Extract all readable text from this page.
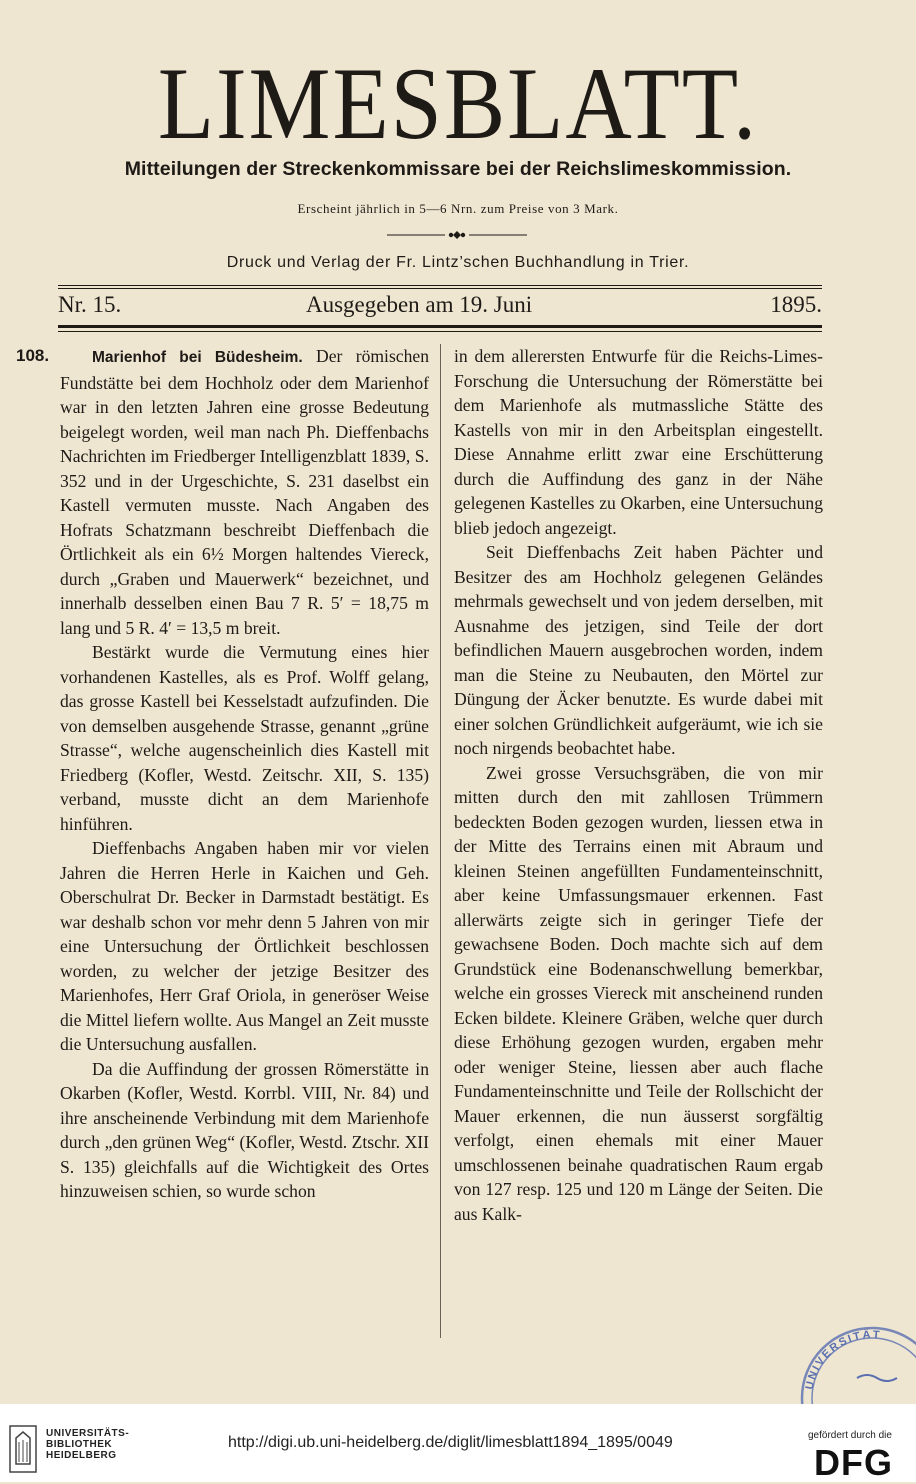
LIMESBLATT.
Mitteilungen der Streckenkommissare bei der Reichslimeskommission.
Erscheint jährlich in 5—6 Nrn. zum Preise von 3 Mark.
Druck und Verlag der Fr. Lintz’schen Buchhandlung in Trier.
Nr. 15.	Ausgegeben am 19. Juni	1895.
108.	Marienhof bei Büdesheim. Der römischen Fundstätte bei dem Hochholz oder dem Marienhof war in den letzten Jahren eine grosse Bedeutung beigelegt worden, weil man nach Ph. Dieffenbachs Nachrichten im Friedberger Intelligenzblatt 1839, S. 352 und in der Urgeschichte, S. 231 daselbst ein Kastell vermuten musste. Nach Angaben des Hofrats Schatzmann beschreibt Dieffenbach die Örtlichkeit als ein 6½ Morgen haltendes Viereck, durch „Graben und Mauerwerk“ bezeichnet, und innerhalb desselben einen Bau 7 R. 5′ = 18,75 m lang und 5 R. 4′ = 13,5 m breit.

Bestärkt wurde die Vermutung eines hier vorhandenen Kastelles, als es Prof. Wolff gelang, das grosse Kastell bei Kesselstadt aufzufinden. Die von demselben ausgehende Strasse, genannt „grüne Strasse“, welche augenscheinlich dies Kastell mit Friedberg (Kofler, Westd. Zeitschr. XII, S. 135) verband, musste dicht an dem Marienhofe hinführen.

Dieffenbachs Angaben haben mir vor vielen Jahren die Herren Herle in Kaichen und Geh. Oberschulrat Dr. Becker in Darmstadt bestätigt. Es war deshalb schon vor mehr denn 5 Jahren von mir eine Untersuchung der Örtlichkeit beschlossen worden, zu welcher der jetzige Besitzer des Marienhofes, Herr Graf Oriola, in generöser Weise die Mittel liefern wollte. Aus Mangel an Zeit musste die Untersuchung ausfallen.

Da die Auffindung der grossen Römerstätte in Okarben (Kofler, Westd. Korrbl. VIII, Nr. 84) und ihre anscheinende Verbindung mit dem Marienhofe durch „den grünen Weg“ (Kofler, Westd. Ztschr. XII S. 135) gleichfalls auf die Wichtigkeit des Ortes hinzuweisen schien, so wurde schon

in dem allerersten Entwurfe für die Reichs-Limes-Forschung die Untersuchung der Römerstätte bei dem Marienhofe als mutmassliche Stätte des Kastells von mir in den Arbeitsplan eingestellt. Diese Annahme erlitt zwar eine Erschütterung durch die Auffindung des ganz in der Nähe gelegenen Kastelles zu Okarben, eine Untersuchung blieb jedoch angezeigt.

Seit Dieffenbachs Zeit haben Pächter und Besitzer des am Hochholz gelegenen Geländes mehrmals gewechselt und von jedem derselben, mit Ausnahme des jetzigen, sind Teile der dort befindlichen Mauern ausgebrochen worden, indem man die Steine zu Neubauten, den Mörtel zur Düngung der Äcker benutzte. Es wurde dabei mit einer solchen Gründlichkeit aufgeräumt, wie ich sie noch nirgends beobachtet habe.

Zwei grosse Versuchsgräben, die von mir mitten durch den mit zahllosen Trümmern bedeckten Boden gezogen wurden, liessen etwa in der Mitte des Terrains einen mit Abraum und kleinen Steinen angefüllten Fundamenteinschnitt, aber keine Umfassungsmauer erkennen. Fast allerwärts zeigte sich in geringer Tiefe der gewachsene Boden. Doch machte sich auf dem Grundstück eine Bodenanschwellung bemerkbar, welche ein grosses Viereck mit anscheinend runden Ecken bildete. Kleinere Gräben, welche quer durch diese Erhöhung gezogen wurden, ergaben mehr oder weniger Steine, liessen aber auch flache Fundamenteinschnitte und Teile der Rollschicht der Mauer erkennen, die nun äusserst sorgfältig verfolgt, einen ehemals mit einer Mauer umschlossenen beinahe quadratischen Raum ergab von 127 resp. 125 und 120 m Länge der Seiten. Die aus Kalk-

UNIVERSITÄT
UNIVERSITÄTS-
BIBLIOTHEK
HEIDELBERG
http://digi.ub.uni-heidelberg.de/diglit/limesblatt1894_1895/0049	gefördert durch die
DFG
